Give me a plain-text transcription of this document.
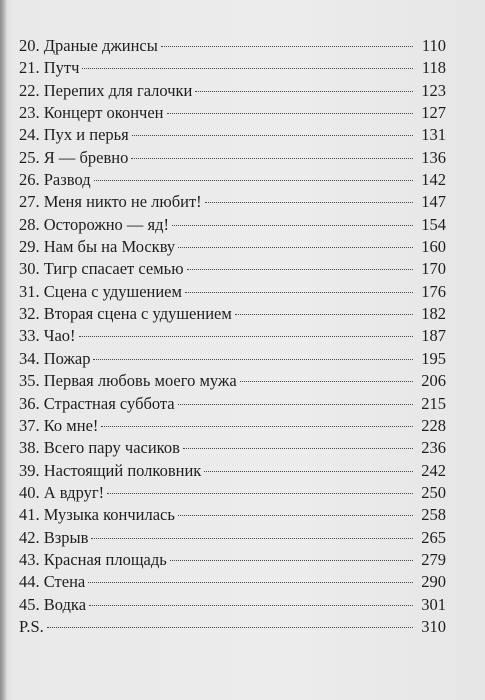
20. Драные джинсы	110
21. Путч	118
22. Перепих для галочки	123
23. Концерт окончен	127
24. Пух и перья	131
25. Я — бревно	136
26. Развод	142
27. Меня никто не любит!	147
28. Осторожно — яд!	154
29. Нам бы на Москву	160
30. Тигр спасает семью	170
31. Сцена с удушением	176
32. Вторая сцена с удушением	182
33. Чао!	187
34. Пожар	195
35. Первая любовь моего мужа	206
36. Страстная суббота	215
37. Ко мне!	228
38. Всего пару часиков	236
39. Настоящий полковник	242
40. А вдруг!	250
41. Музыка кончилась	258
42. Взрыв	265
43. Красная площадь	279
44. Стена	290
45. Водка	301
P.S.	310
